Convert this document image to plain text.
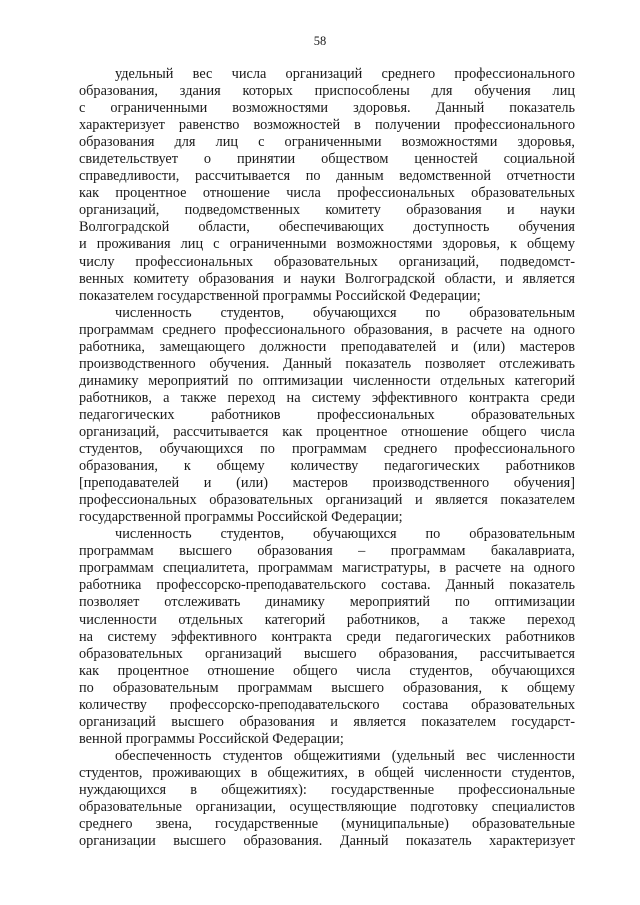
58
удельный вес числа организаций среднего профессионального
образования, здания которых приспособлены для обучения лиц
с ограниченными возможностями здоровья. Данный показатель
характеризует равенство возможностей в получении профессионального
образования для лиц с ограниченными возможностями здоровья,
свидетельствует о принятии обществом ценностей социальной
справедливости, рассчитывается по данным ведомственной отчетности
как процентное отношение числа профессиональных образовательных
организаций, подведомственных комитету образования и науки
Волгоградской области, обеспечивающих доступность обучения
и проживания лиц с ограниченными возможностями здоровья, к общему
числу профессиональных образовательных организаций, подведомст-
венных комитету образования и науки Волгоградской области, и является
показателем государственной программы Российской Федерации;
численность студентов, обучающихся по образовательным
программам среднего профессионального образования, в расчете на одного
работника, замещающего должности преподавателей и (или) мастеров
производственного обучения. Данный показатель позволяет отслеживать
динамику мероприятий по оптимизации численности отдельных категорий
работников, а также переход на систему эффективного контракта среди
педагогических работников профессиональных образовательных
организаций, рассчитывается как процентное отношение общего числа
студентов, обучающихся по программам среднего профессионального
образования, к общему количеству педагогических работников
[преподавателей и (или) мастеров производственного обучения]
профессиональных образовательных организаций и является показателем
государственной программы Российской Федерации;
численность студентов, обучающихся по образовательным
программам высшего образования – программам бакалавриата,
программам специалитета, программам магистратуры, в расчете на одного
работника профессорско-преподавательского состава. Данный показатель
позволяет отслеживать динамику мероприятий по оптимизации
численности отдельных категорий работников, а также переход
на систему эффективного контракта среди педагогических работников
образовательных организаций высшего образования, рассчитывается
как процентное отношение общего числа студентов, обучающихся
по образовательным программам высшего образования, к общему
количеству профессорско-преподавательского состава образовательных
организаций высшего образования и является показателем государст-
венной программы Российской Федерации;
обеспеченность студентов общежитиями (удельный вес численности
студентов, проживающих в общежитиях, в общей численности студентов,
нуждающихся в общежитиях): государственные профессиональные
образовательные организации, осуществляющие подготовку специалистов
среднего звена, государственные (муниципальные) образовательные
организации высшего образования. Данный показатель характеризует
